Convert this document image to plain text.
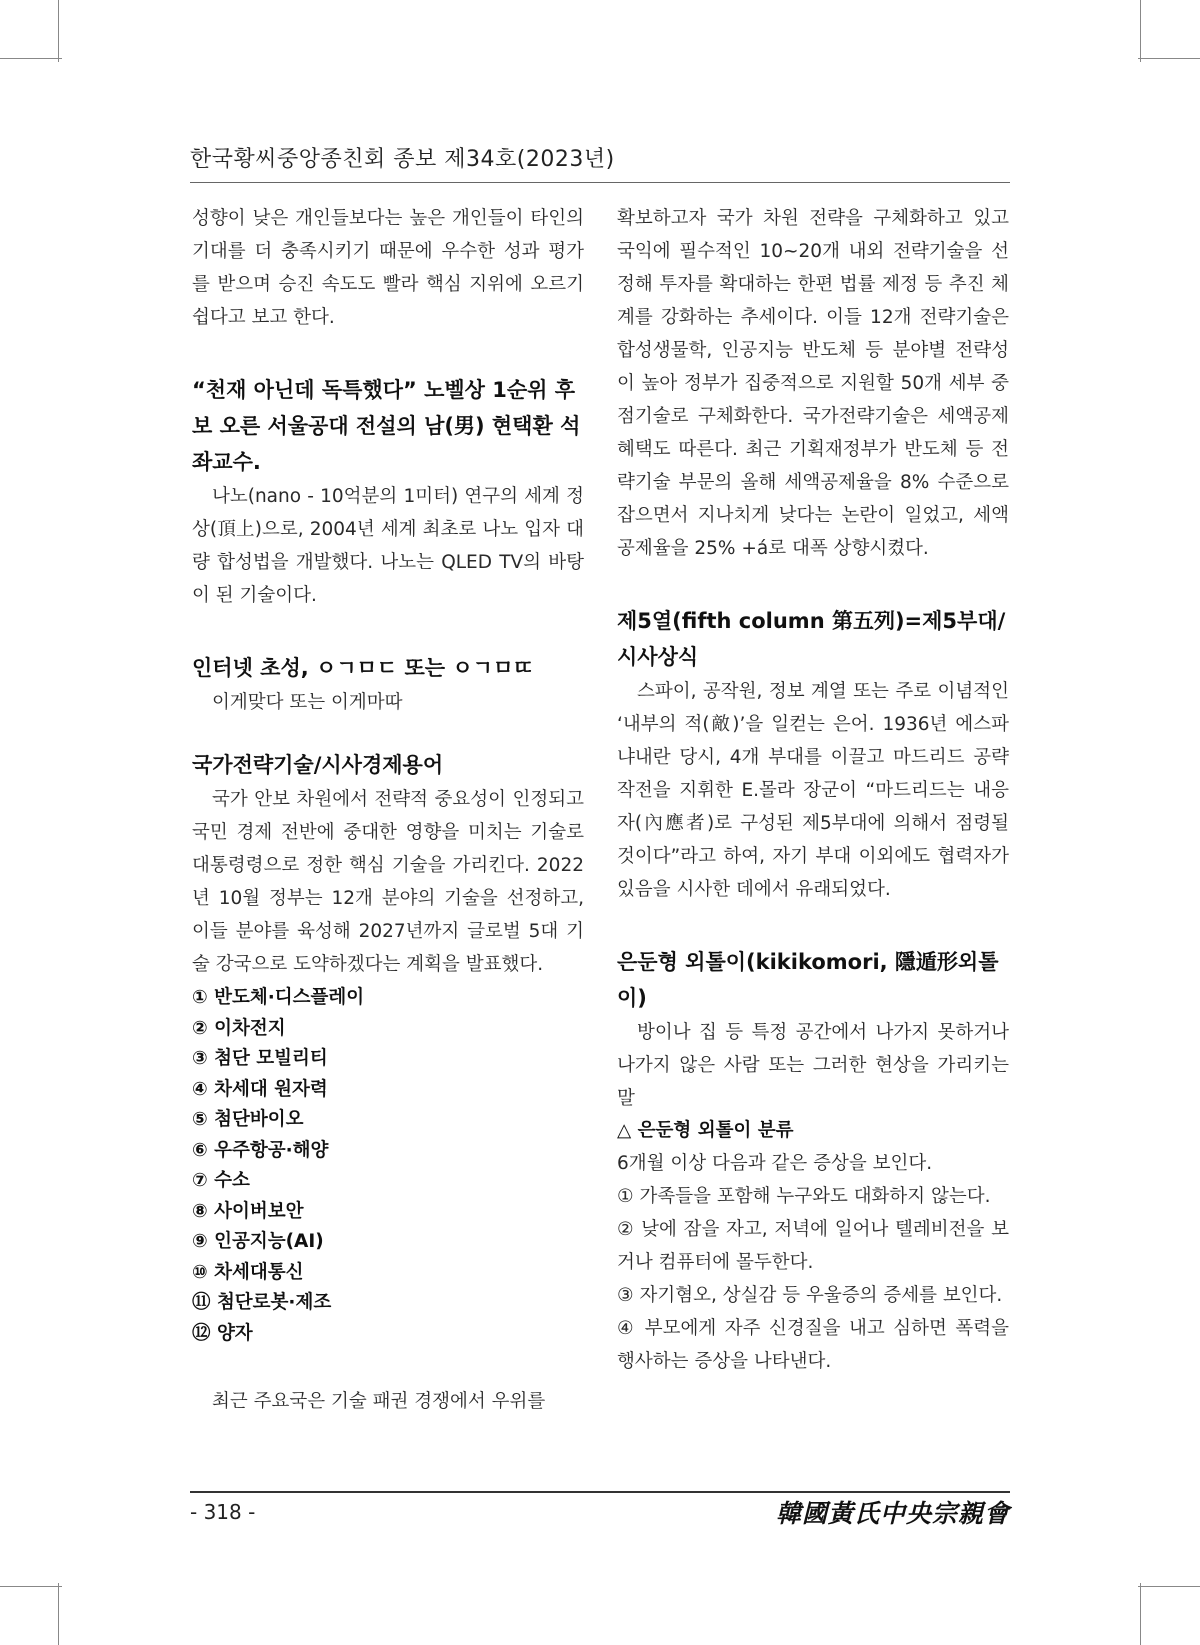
한국황씨중앙종친회 종보 제34호(2023년)

성향이 낮은 개인들보다는 높은 개인들이 타인의 기대를 더 충족시키기 때문에 우수한 성과 평가를 받으며 승진 속도도 빨라 핵심 지위에 오르기 쉽다고 보고 한다.

“천재 아닌데 독특했다” 노벨상 1순위 후보 오른 서울공대 전설의 남(男) 현택환 석좌교수.

나노(nano - 10억분의 1미터) 연구의 세계 정상(頂上)으로, 2004년 세계 최초로 나노 입자 대량 합성법을 개발했다. 나노는 QLED TV의 바탕이 된 기술이다.

인터넷 초성, ㅇㄱㅁㄷ 또는 ㅇㄱㅁㄸ

이게맞다 또는 이게마따

국가전략기술/시사경제용어

국가 안보 차원에서 전략적 중요성이 인정되고 국민 경제 전반에 중대한 영향을 미치는 기술로 대통령령으로 정한 핵심 기술을 가리킨다. 2022년 10월 정부는 12개 분야의 기술을 선정하고, 이들 분야를 육성해 2027년까지 글로벌 5대 기술 강국으로 도약하겠다는 계획을 발표했다.

① 반도체·디스플레이
② 이차전지
③ 첨단 모빌리티
④ 차세대 원자력
⑤ 첨단바이오
⑥ 우주항공·해양
⑦ 수소
⑧ 사이버보안
⑨ 인공지능(AI)
⑩ 차세대통신
⑪ 첨단로봇·제조
⑫ 양자

최근 주요국은 기술 패권 경쟁에서 우위를

확보하고자 국가 차원 전략을 구체화하고 있고 국익에 필수적인 10~20개 내외 전략기술을 선정해 투자를 확대하는 한편 법률 제정 등 추진 체계를 강화하는 추세이다. 이들 12개 전략기술은 합성생물학, 인공지능 반도체 등 분야별 전략성이 높아 정부가 집중적으로 지원할 50개 세부 중점기술로 구체화한다. 국가전략기술은 세액공제 혜택도 따른다. 최근 기획재정부가 반도체 등 전략기술 부문의 올해 세액공제율을 8% 수준으로 잡으면서 지나치게 낮다는 논란이 일었고, 세액공제율을 25% +á로 대폭 상향시켰다.

제5열(fifth column 第五列)=제5부대/시사상식

스파이, 공작원, 정보 계열 또는 주로 이념적인 ‘내부의 적(敵)’을 일컫는 은어. 1936년 에스파냐내란 당시, 4개 부대를 이끌고 마드리드 공략작전을 지휘한 E.몰라 장군이 “마드리드는 내응자(內應者)로 구성된 제5부대에 의해서 점령될 것이다”라고 하여, 자기 부대 이외에도 협력자가 있음을 시사한 데에서 유래되었다.

은둔형 외톨이(kikikomori, 隱遁形외톨이)

방이나 집 등 특정 공간에서 나가지 못하거나 나가지 않은 사람 또는 그러한 현상을 가리키는 말

△ 은둔형 외톨이 분류

6개월 이상 다음과 같은 증상을 보인다.

① 가족들을 포함해 누구와도 대화하지 않는다.

② 낮에 잠을 자고, 저녁에 일어나 텔레비전을 보거나 컴퓨터에 몰두한다.

③ 자기혐오, 상실감 등 우울증의 증세를 보인다.

④ 부모에게 자주 신경질을 내고 심하면 폭력을 행사하는 증상을 나타낸다.

- 318 -	韓國黃氏中央宗親會
